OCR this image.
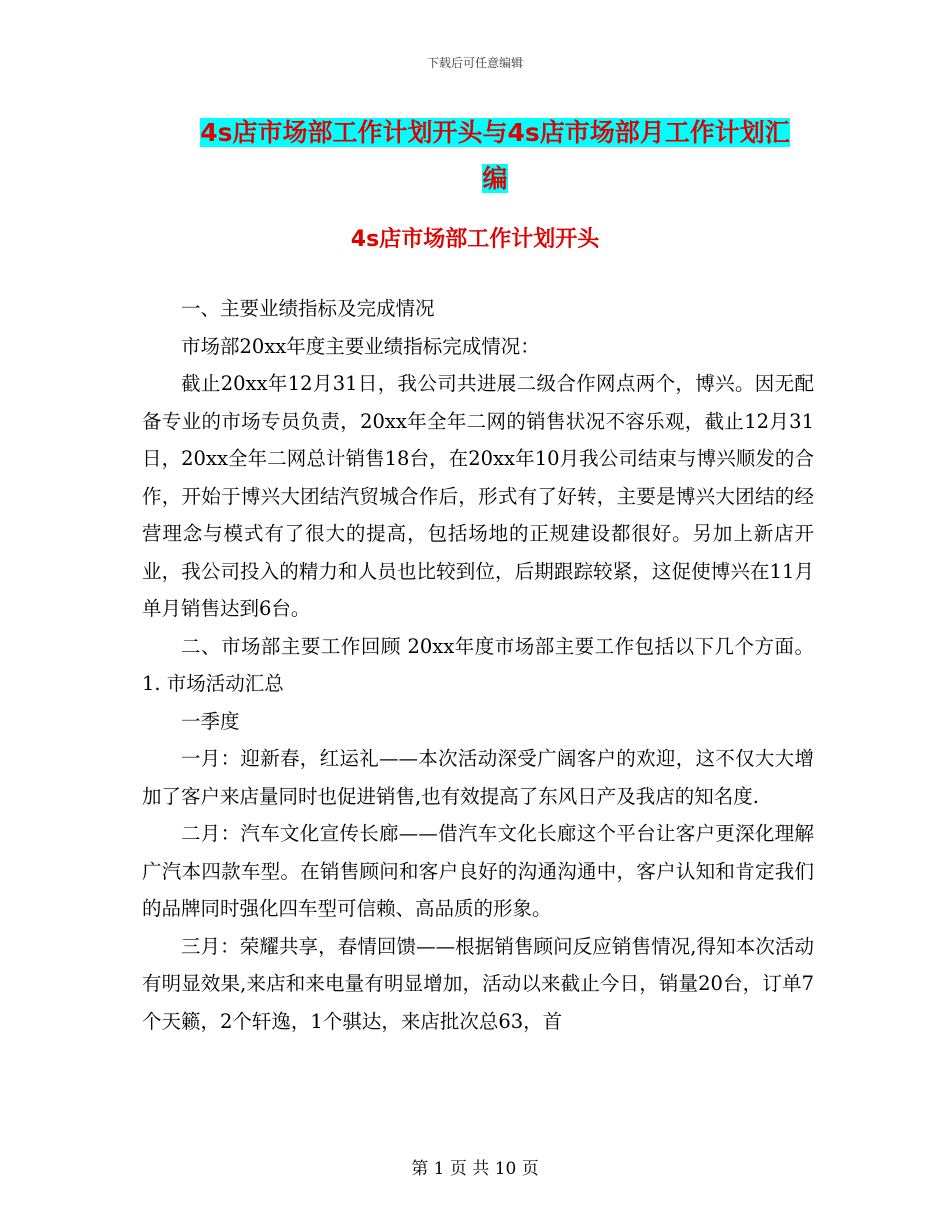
下载后可任意编辑
4s店市场部工作计划开头与4s店市场部月工作计划汇
编
4s店市场部工作计划开头

一、主要业绩指标及完成情况

市场部20xx年度主要业绩指标完成情况：

截止20xx年12月31日，我公司共进展二级合作网点两个，博兴。因无配备专业的市场专员负责，20xx年全年二网的销售状况不容乐观，截止12月31日，20xx全年二网总计销售18台，在20xx年10月我公司结束与博兴顺发的合作，开始于博兴大团结汽贸城合作后，形式有了好转，主要是博兴大团结的经营理念与模式有了很大的提高，包括场地的正规建设都很好。另加上新店开业，我公司投入的精力和人员也比较到位，后期跟踪较紧，这促使博兴在11月单月销售达到6台。

二、市场部主要工作回顾 20xx年度市场部主要工作包括以下几个方面。 1. 市场活动汇总

一季度

一月：迎新春，红运礼——本次活动深受广阔客户的欢迎，这不仅大大增加了客户来店量同时也促进销售,也有效提高了东风日产及我店的知名度.

二月：汽车文化宣传长廊——借汽车文化长廊这个平台让客户更深化理解广汽本四款车型。在销售顾问和客户良好的沟通沟通中，客户认知和肯定我们的品牌同时强化四车型可信赖、高品质的形象。

三月：荣耀共享，春情回馈——根据销售顾问反应销售情况,得知本次活动有明显效果,来店和来电量有明显增加，活动以来截止今日，销量20台，订单7个天籁，2个轩逸，1个骐达，来店批次总63，首

第 1 页 共 10 页
